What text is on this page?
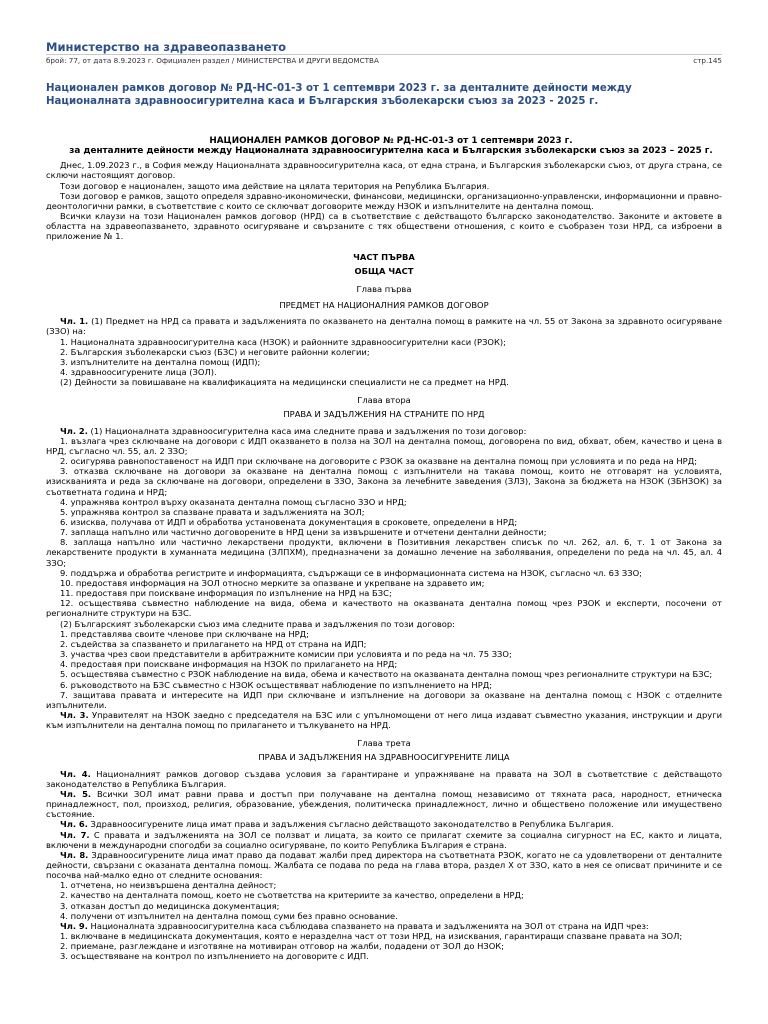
Министерство на здравеопазването
брой: 77, от дата 8.9.2023 г. Официален раздел / МИНИСТЕРСТВА И ДРУГИ ВЕДОМСТВА	стр.145
Национален рамков договор № РД-НС-01-3 от 1 септември 2023 г. за денталните дейности между Националната здравноосигурителна каса и Българския зъболекарски съюз за 2023 - 2025 г.

НАЦИОНАЛЕН РАМКОВ ДОГОВОР № РД-НС-01-3 от 1 септември 2023 г.

за денталните дейности между Националната здравноосигурителна каса и Българския зъболекарски съюз за 2023 – 2025 г.

Днес, 1.09.2023 г., в София между Националната здравноосигурителна каса, от една страна, и Българския зъболекарски съюз, от друга страна, се сключи настоящият договор.

Този договор е национален, защото има действие на цялата територия на Република България.

Този договор е рамков, защото определя здравно-икономически, финансови, медицински, организационно-управленски, информационни и правно-деонтологични рамки, в съответствие с които се сключват договорите между НЗОК и изпълнителите на дентална помощ.

Всички клаузи на този Национален рамков договор (НРД) са в съответствие с действащото българско законодателство. Законите и актовете в областта на здравеопазването, здравното осигуряване и свързаните с тях обществени отношения, с които е съобразен този НРД, са изброени в приложение № 1.

ЧАСТ ПЪРВА

ОБЩА ЧАСТ

Глава първа

ПРЕДМЕТ НА НАЦИОНАЛНИЯ РАМКОВ ДОГОВОР

Чл. 1. (1) Предмет на НРД са правата и задълженията по оказването на дентална помощ в рамките на чл. 55 от Закона за здравното осигуряване (ЗЗО) на:

1. Националната здравноосигурителна каса (НЗОК) и районните здравноосигурителни каси (РЗОК);

2. Българския зъболекарски съюз (БЗС) и неговите районни колегии;

3. изпълнителите на дентална помощ (ИДП);

4. здравноосигурените лица (ЗОЛ).

(2) Дейности за повишаване на квалификацията на медицински специалисти не са предмет на НРД.

Глава втора

ПРАВА И ЗАДЪЛЖЕНИЯ НА СТРАНИТЕ ПО НРД

Чл. 2. (1) Националната здравноосигурителна каса има следните права и задължения по този договор:

1. възлага чрез сключване на договори с ИДП оказването в полза на ЗОЛ на дентална помощ, договорена по вид, обхват, обем, качество и цена в НРД, съгласно чл. 55, ал. 2 ЗЗО;

2. осигурява равнопоставеност на ИДП при сключване на договорите с РЗОК за оказване на дентална помощ при условията и по реда на НРД;

3. отказва сключване на договори за оказване на дентална помощ с изпълнители на такава помощ, които не отговарят на условията, изискванията и реда за сключване на договори, определени в ЗЗО, Закона за лечебните заведения (ЗЛЗ), Закона за бюджета на НЗОК (ЗБНЗОК) за съответната година и НРД;

4. упражнява контрол върху оказаната дентална помощ съгласно ЗЗО и НРД;

5. упражнява контрол за спазване правата и задълженията на ЗОЛ;

6. изисква, получава от ИДП и обработва установената документация в сроковете, определени в НРД;

7. заплаща напълно или частично договорените в НРД цени за извършените и отчетени дентални дейности;

8. заплаща напълно или частично лекарствени продукти, включени в Позитивния лекарствен списък по чл. 262, ал. 6, т. 1 от Закона за лекарствените продукти в хуманната медицина (ЗЛПХМ), предназначени за домашно лечение на заболявания, определени по реда на чл. 45, ал. 4 ЗЗО;

9. поддържа и обработва регистрите и информацията, съдържащи се в информационната система на НЗОК, съгласно чл. 63 ЗЗО;

10. предоставя информация на ЗОЛ относно мерките за опазване и укрепване на здравето им;

11. предоставя при поискване информация по изпълнение на НРД на БЗС;

12. осъществява съвместно наблюдение на вида, обема и качеството на оказваната дентална помощ чрез РЗОК и експерти, посочени от регионалните структури на БЗС.

(2) Българският зъболекарски съюз има следните права и задължения по този договор:

1. представлява своите членове при сключване на НРД;

2. съдейства за спазването и прилагането на НРД от страна на ИДП;

3. участва чрез свои представители в арбитражните комисии при условията и по реда на чл. 75 ЗЗО;

4. предоставя при поискване информация на НЗОК по прилагането на НРД;

5. осъществява съвместно с РЗОК наблюдение на вида, обема и качеството на оказваната дентална помощ чрез регионалните структури на БЗС;

6. ръководството на БЗС съвместно с НЗОК осъществяват наблюдение по изпълнението на НРД;

7. защитава правата и интересите на ИДП при сключване и изпълнение на договори за оказване на дентална помощ с НЗОК с отделните изпълнители.

Чл. 3. Управителят на НЗОК заедно с председателя на БЗС или с упълномощени от него лица издават съвместно указания, инструкции и други към изпълнители на дентална помощ по прилагането и тълкуването на НРД.

Глава трета

ПРАВА И ЗАДЪЛЖЕНИЯ НА ЗДРАВНООСИГУРЕНИТЕ ЛИЦА

Чл. 4. Националният рамков договор създава условия за гарантиране и упражняване на правата на ЗОЛ в съответствие с действащото законодателство в Република България.

Чл. 5. Всички ЗОЛ имат равни права и достъп при получаване на дентална помощ независимо от тяхната раса, народност, етническа принадлежност, пол, произход, религия, образование, убеждения, политическа принадлежност, лично и обществено положение или имуществено състояние.

Чл. 6. Здравноосигурените лица имат права и задължения съгласно действащото законодателство в Република България.

Чл. 7. С правата и задълженията на ЗОЛ се ползват и лицата, за които се прилагат схемите за социална сигурност на ЕС, както и лицата, включени в международни спогодби за социално осигуряване, по които Република България е страна.

Чл. 8. Здравноосигурените лица имат право да подават жалби пред директора на съответната РЗОК, когато не са удовлетворени от денталните дейности, свързани с оказаната дентална помощ. Жалбата се подава по реда на глава втора, раздел Х от ЗЗО, като в нея се описват причините и се посочва най-малко едно от следните основания:

1. отчетена, но неизвършена дентална дейност;

2. качество на денталната помощ, което не съответства на критериите за качество, определени в НРД;

3. отказан достъп до медицинска документация;

4. получени от изпълнител на дентална помощ суми без правно основание.

Чл. 9. Националната здравноосигурителна каса съблюдава спазването на правата и задълженията на ЗОЛ от страна на ИДП чрез:

1. включване в медицинската документация, която е неразделна част от този НРД, на изисквания, гарантиращи спазване правата на ЗОЛ;

2. приемане, разглеждане и изготвяне на мотивиран отговор на жалби, подадени от ЗОЛ до НЗОК;

3. осъществяване на контрол по изпълнението на договорите с ИДП.
